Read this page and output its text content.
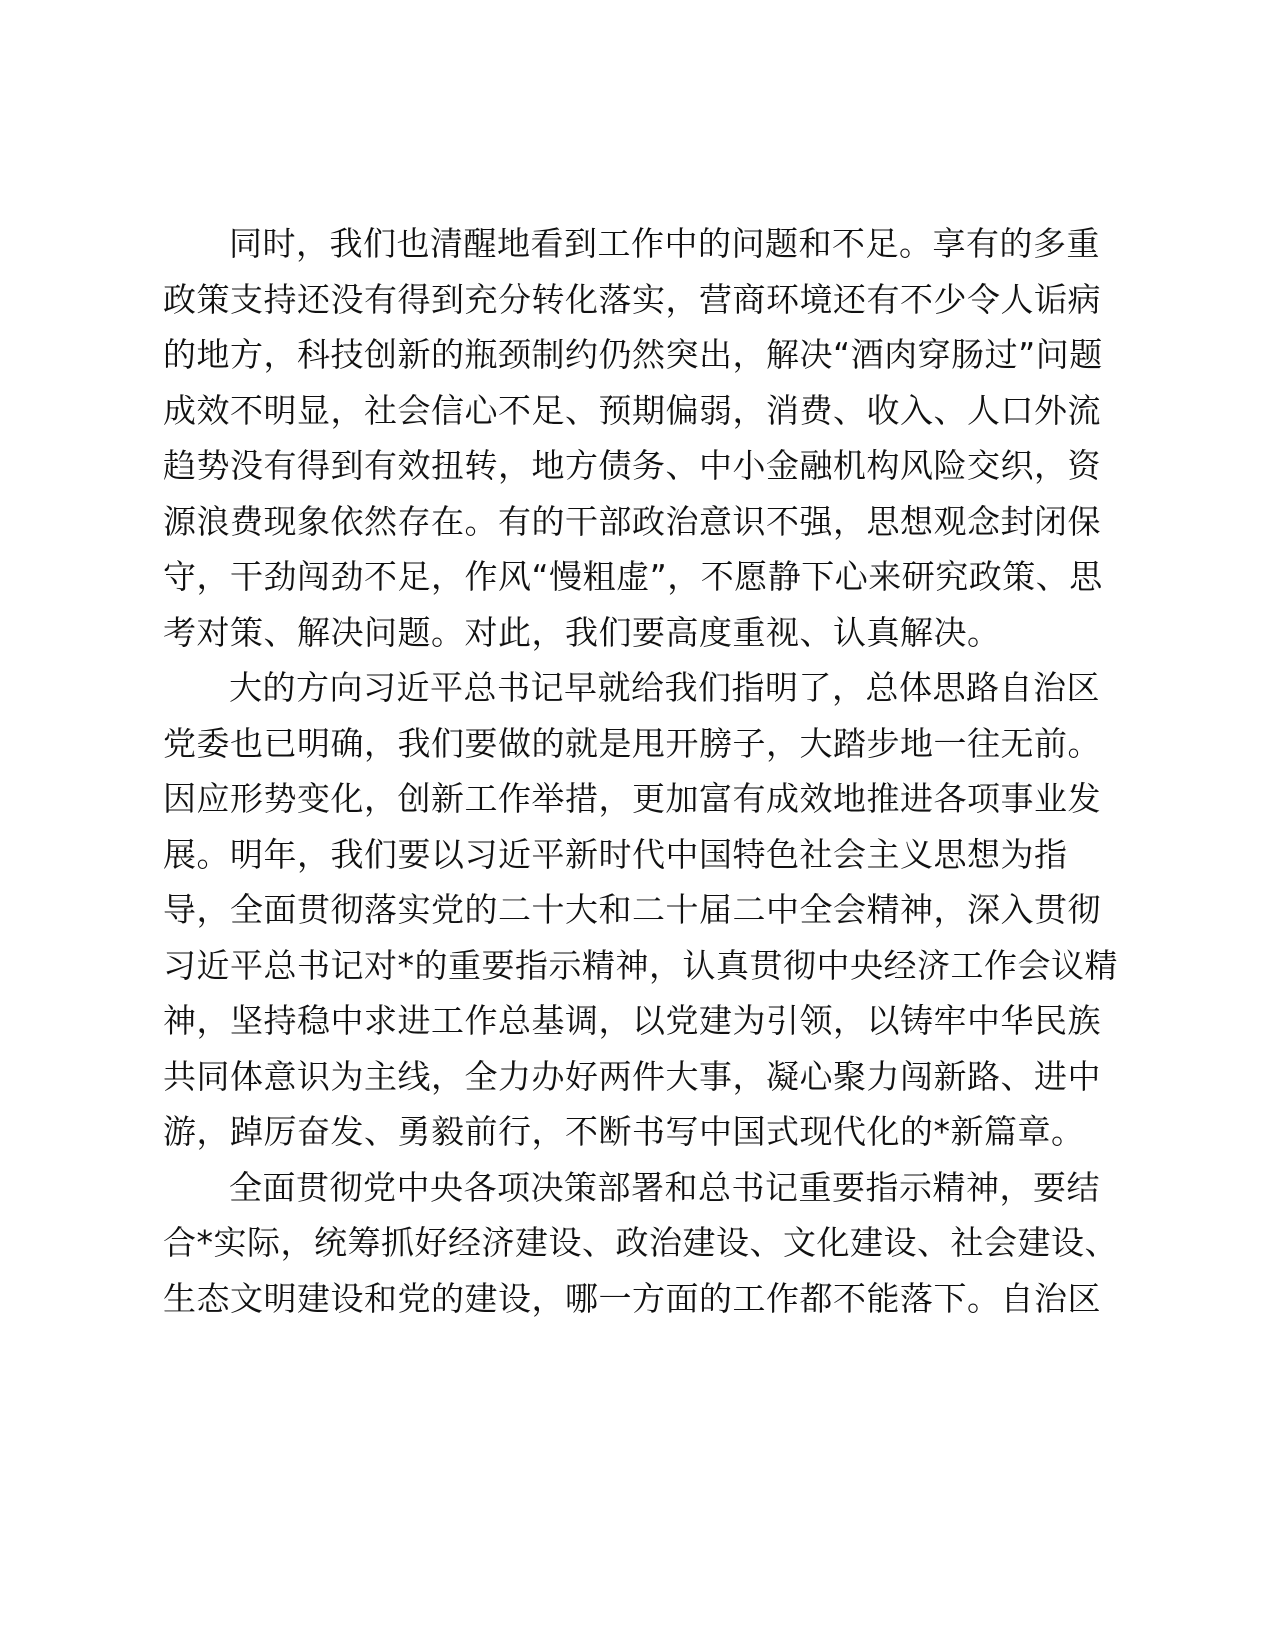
同时，我们也清醒地看到工作中的问题和不足。享有的多重
政策支持还没有得到充分转化落实，营商环境还有不少令人诟病
的地方，科技创新的瓶颈制约仍然突出，解决“酒肉穿肠过”问题
成效不明显，社会信心不足、预期偏弱，消费、收入、人口外流
趋势没有得到有效扭转，地方债务、中小金融机构风险交织，资
源浪费现象依然存在。有的干部政治意识不强，思想观念封闭保
守，干劲闯劲不足，作风“慢粗虚”，不愿静下心来研究政策、思
考对策、解决问题。对此，我们要高度重视、认真解决。
大的方向习近平总书记早就给我们指明了，总体思路自治区
党委也已明确，我们要做的就是甩开膀子，大踏步地一往无前。
因应形势变化，创新工作举措，更加富有成效地推进各项事业发
展。明年，我们要以习近平新时代中国特色社会主义思想为指
导，全面贯彻落实党的二十大和二十届二中全会精神，深入贯彻
习近平总书记对*的重要指示精神，认真贯彻中央经济工作会议精
神，坚持稳中求进工作总基调，以党建为引领，以铸牢中华民族
共同体意识为主线，全力办好两件大事，凝心聚力闯新路、进中
游，踔厉奋发、勇毅前行，不断书写中国式现代化的*新篇章。
全面贯彻党中央各项决策部署和总书记重要指示精神，要结
合*实际，统筹抓好经济建设、政治建设、文化建设、社会建设、
生态文明建设和党的建设，哪一方面的工作都不能落下。自治区
